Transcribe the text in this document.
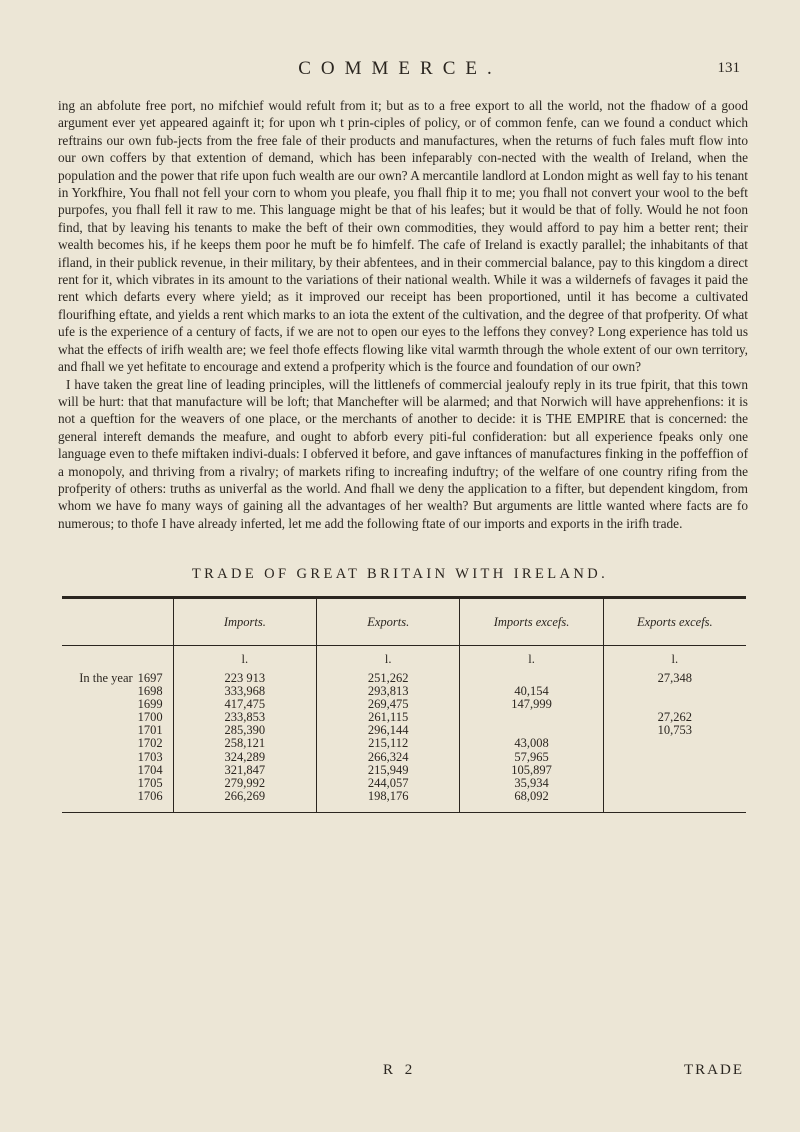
COMMERCE.	131

ing an abfolute free port, no mifchief would refult from it; but as to a free export to all the world, not the fhadow of a good argument ever yet appeared againft it; for upon wh t prin-ciples of policy, or of common fenfe, can we found a conduct which reftrains our own fub-jects from the free fale of their products and manufactures, when the returns of fuch fales muft flow into our own coffers by that extention of demand, which has been infeparably con-nected with the wealth of Ireland, when the population and the power that rife upon fuch wealth are our own? A mercantile landlord at London might as well fay to his tenant in Yorkfhire, You fhall not fell your corn to whom you pleafe, you fhall fhip it to me; you fhall not convert your wool to the beft purpofes, you fhall fell it raw to me. This language might be that of his leafes; but it would be that of folly. Would he not foon find, that by leaving his tenants to make the beft of their own commodities, they would afford to pay him a better rent; their wealth becomes his, if he keeps them poor he muft be fo himfelf. The cafe of Ireland is exactly parallel; the inhabitants of that ifland, in their publick revenue, in their military, by their abfentees, and in their commercial balance, pay to this kingdom a direct rent for it, which vibrates in its amount to the variations of their national wealth. While it was a wildernefs of favages it paid the rent which defarts every where yield; as it improved our receipt has been proportioned, until it has become a cultivated flourifhing eftate, and yields a rent which marks to an iota the extent of the cultivation, and the degree of that profperity. Of what ufe is the experience of a century of facts, if we are not to open our eyes to the leffons they convey? Long experience has told us what the effects of irifh wealth are; we feel thofe effects flowing like vital warmth through the whole extent of our own territory, and fhall we yet hefitate to encourage and extend a profperity which is the fource and foundation of our own?

I have taken the great line of leading principles, will the littlenefs of commercial jealoufy reply in its true fpirit, that this town will be hurt: that that manufacture will be loft; that Manchefter will be alarmed; and that Norwich will have apprehenfions: it is not a queftion for the weavers of one place, or the merchants of another to decide: it is THE EMPIRE that is concerned: the general intereft demands the meafure, and ought to abforb every piti-ful confideration: but all experience fpeaks only one language even to thefe miftaken indivi-duals: I obferved it before, and gave inftances of manufactures finking in the poffeffion of a monopoly, and thriving from a rivalry; of markets rifing to increafing induftry; of the welfare of one country rifing from the profperity of others: truths as univerfal as the world. And fhall we deny the application to a fifter, but dependent kingdom, from whom we have fo many ways of gaining all the advantages of her wealth? But arguments are little wanted where facts are fo numerous; to thofe I have already inferted, let me add the following ftate of our imports and exports in the irifh trade.

TRADE OF GREAT BRITAIN WITH IRELAND.
	Imports.	Exports.	Imports excefs.	Exports excefs.
	l.	l.	l.	l.
In the year 1697	223 913	251,262		27,348
1698	333,968	293,813	40,154	
1699	417,475	269,475	147,999	
1700	233,853	261,115		27,262
1701	285,390	296,144		10,753
1702	258,121	215,112	43,008	
1703	324,289	266,324	57,965	
1704	321,847	215,949	105,897	
1705	279,992	244,057	35,934	
1706	266,269	198,176	68,092	
R 2	TRADE
